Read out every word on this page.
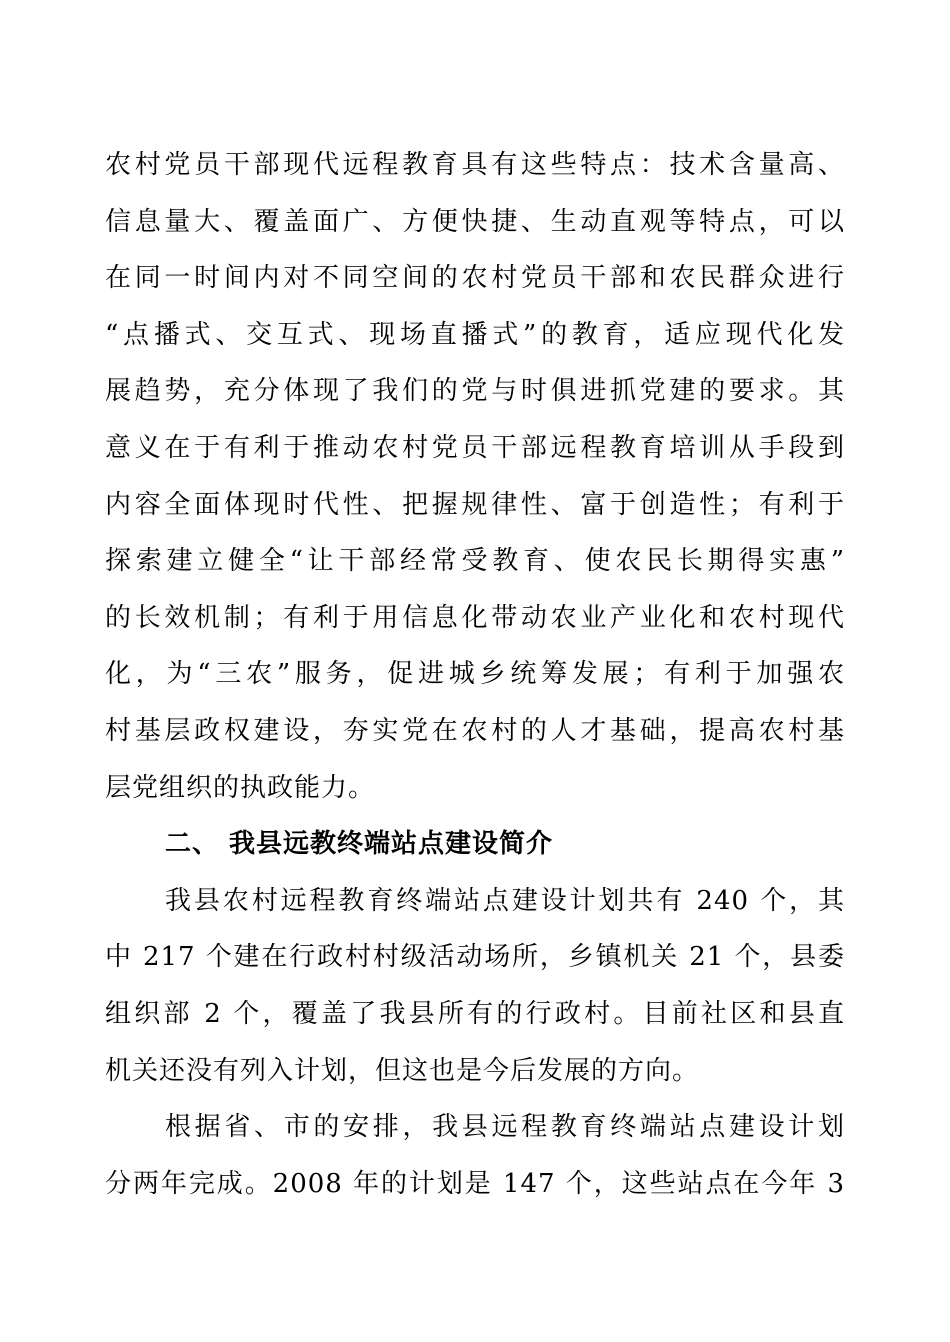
农村党员干部现代远程教育具有这些特点：技术含量高、
信息量大、覆盖面广、方便快捷、生动直观等特点，可以
在同一时间内对不同空间的农村党员干部和农民群众进行
“点播式、交互式、现场直播式”的教育，适应现代化发
展趋势，充分体现了我们的党与时俱进抓党建的要求。其
意义在于有利于推动农村党员干部远程教育培训从手段到
内容全面体现时代性、把握规律性、富于创造性；有利于
探索建立健全“让干部经常受教育、使农民长期得实惠”
的长效机制；有利于用信息化带动农业产业化和农村现代
化，为“三农”服务，促进城乡统筹发展；有利于加强农
村基层政权建设，夯实党在农村的人才基础，提高农村基
层党组织的执政能力。
二、 我县远教终端站点建设简介
我县农村远程教育终端站点建设计划共有 240 个，其
中 217 个建在行政村村级活动场所，乡镇机关 21 个，县委
组织部 2 个，覆盖了我县所有的行政村。目前社区和县直
机关还没有列入计划，但这也是今后发展的方向。
根据省、市的安排，我县远程教育终端站点建设计划
分两年完成。2008 年的计划是 147 个，这些站点在今年 3
